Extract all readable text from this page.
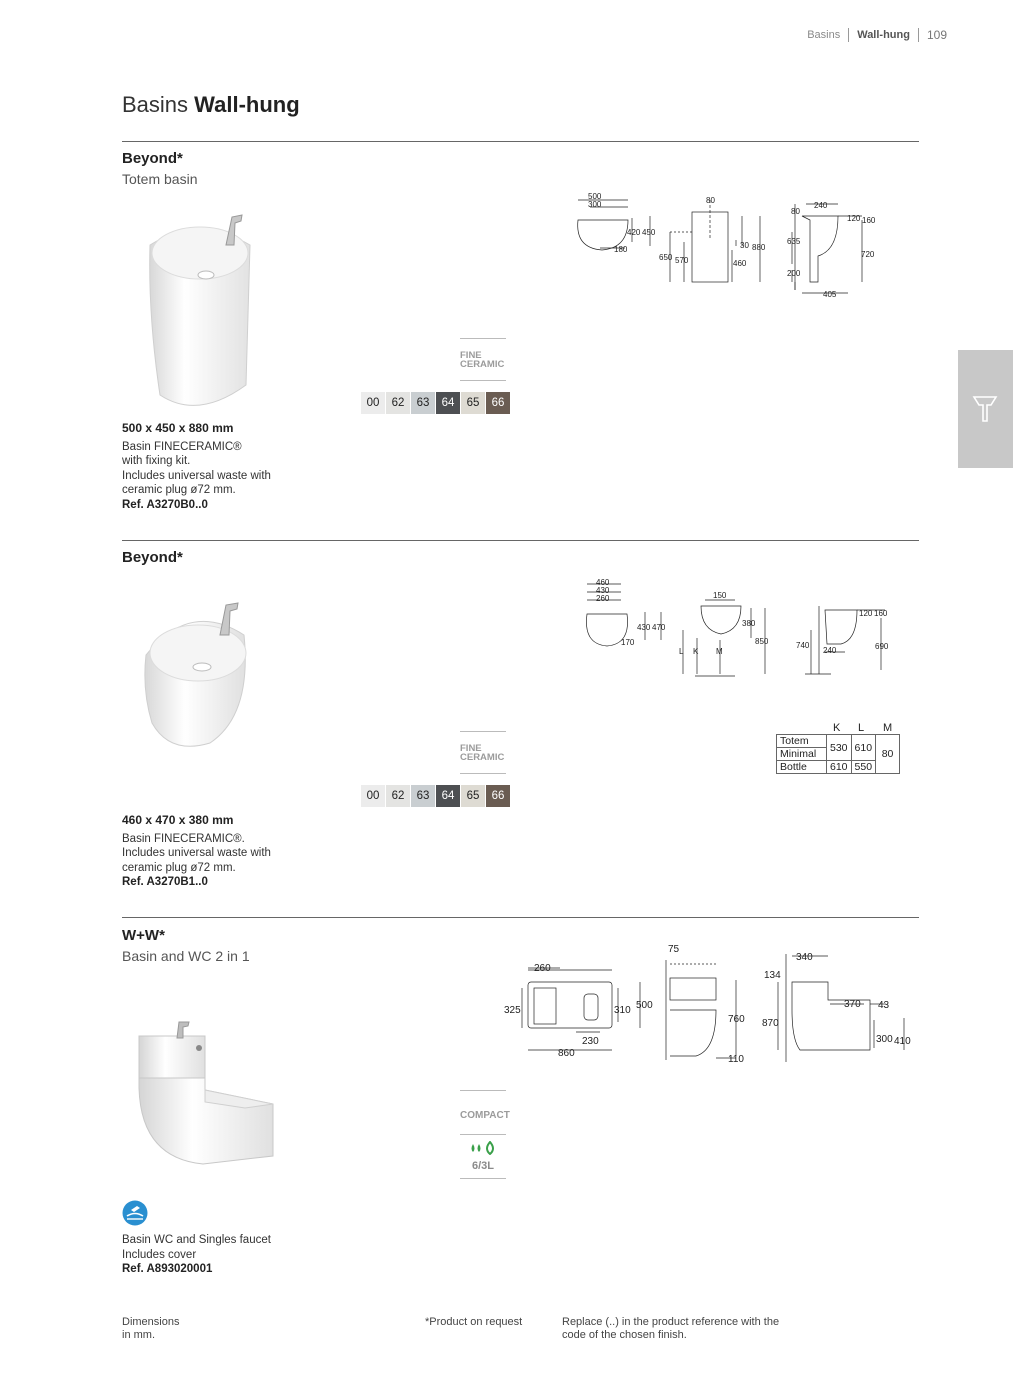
Basins Wall-hung 109
Basins Wall-hung
Beyond*
Totem basin
500
300
420 450
180
80
650 570
30 880
460
80
240
120 160
635
720
200
405
FINE
CERAMIC
00	62	63	64	65	66
500 x 450 x 880 mm
Basin FINECERAMIC®
with fixing kit.
Includes universal waste with
ceramic plug ø72 mm.
Ref. A3270B0..0
Beyond*
460
430
260
430 470
170
150
380
850
L K M
120 160
740
240	690
K L M
Totem	530	610	80
Minimal			
Bottle	610	550	
FINE
CERAMIC
00	62	63	64	65	66
460 x 470 x 380 mm
Basin FINECERAMIC®.
Includes universal waste with
ceramic plug ø72 mm.
Ref. A3270B1..0
W+W*
Basin and WC 2 in 1
260
325	310 500
230
860
75
760
110
340
134
370 43
870
300 410
COMPACT
6/3L
Basin WC and Singles faucet
Includes cover
Ref. A893020001
Dimensions
in mm.
*Product on request	Replace (..) in the product reference with the
code of the chosen finish.
